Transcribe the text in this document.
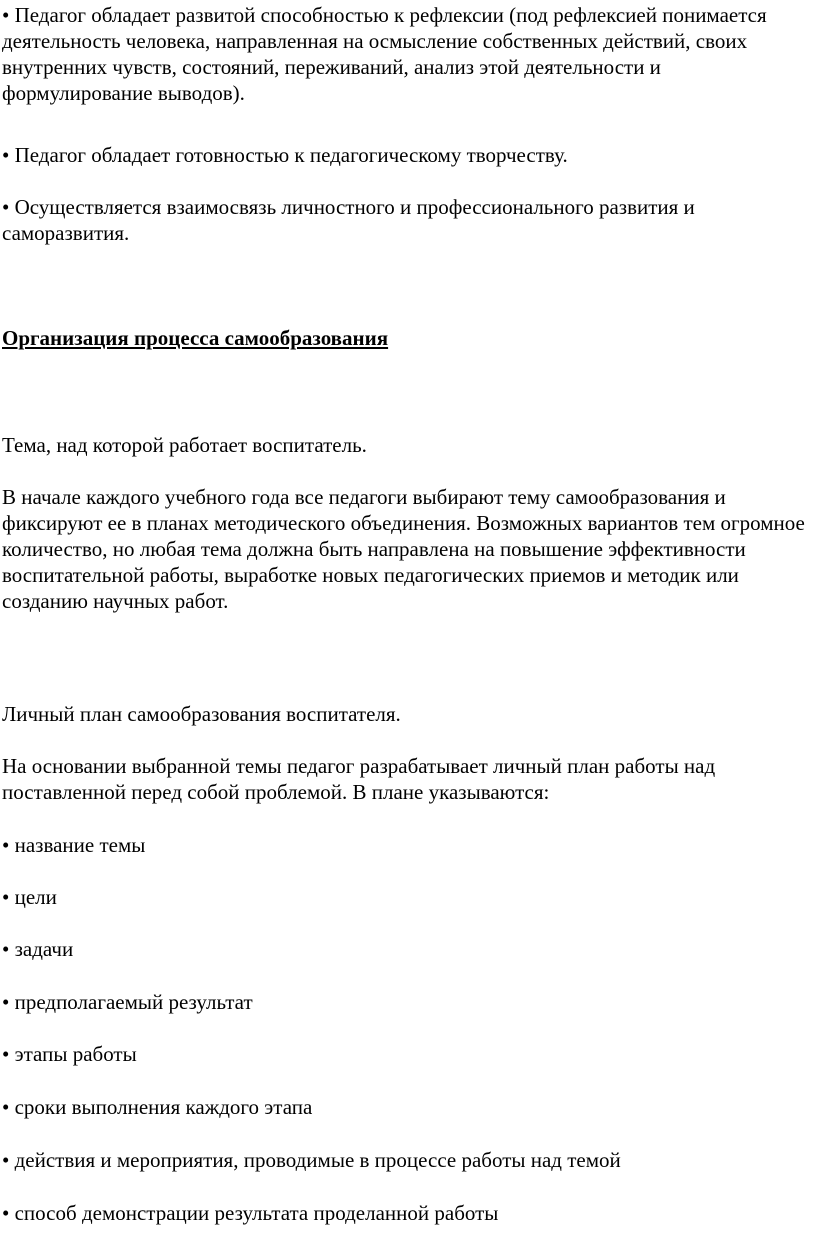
• Педагог обладает развитой способностью к рефлексии (под рефлексией понимается деятельность человека, направленная на осмысление собственных действий, своих внутренних чувств, состояний, переживаний, анализ этой деятельности и формулирование выводов).

• Педагог обладает готовностью к педагогическому творчеству.

• Осуществляется взаимосвязь личностного и профессионального развития и саморазвития.

Организация процесса самообразования

Тема, над которой работает воспитатель.

В начале каждого учебного года все педагоги выбирают тему самообразования и фиксируют ее в планах методического объединения. Возможных вариантов тем огромное количество, но любая тема должна быть направлена на повышение эффективности воспитательной работы, выработке новых педагогических приемов и методик или созданию научных работ.

Личный план самообразования воспитателя.

На основании выбранной темы педагог разрабатывает личный план работы над поставленной перед собой проблемой. В плане указываются:

• название темы

• цели

• задачи

• предполагаемый результат

• этапы работы

• сроки выполнения каждого этапа

• действия и мероприятия, проводимые в процессе работы над темой

• способ демонстрации результата проделанной работы
